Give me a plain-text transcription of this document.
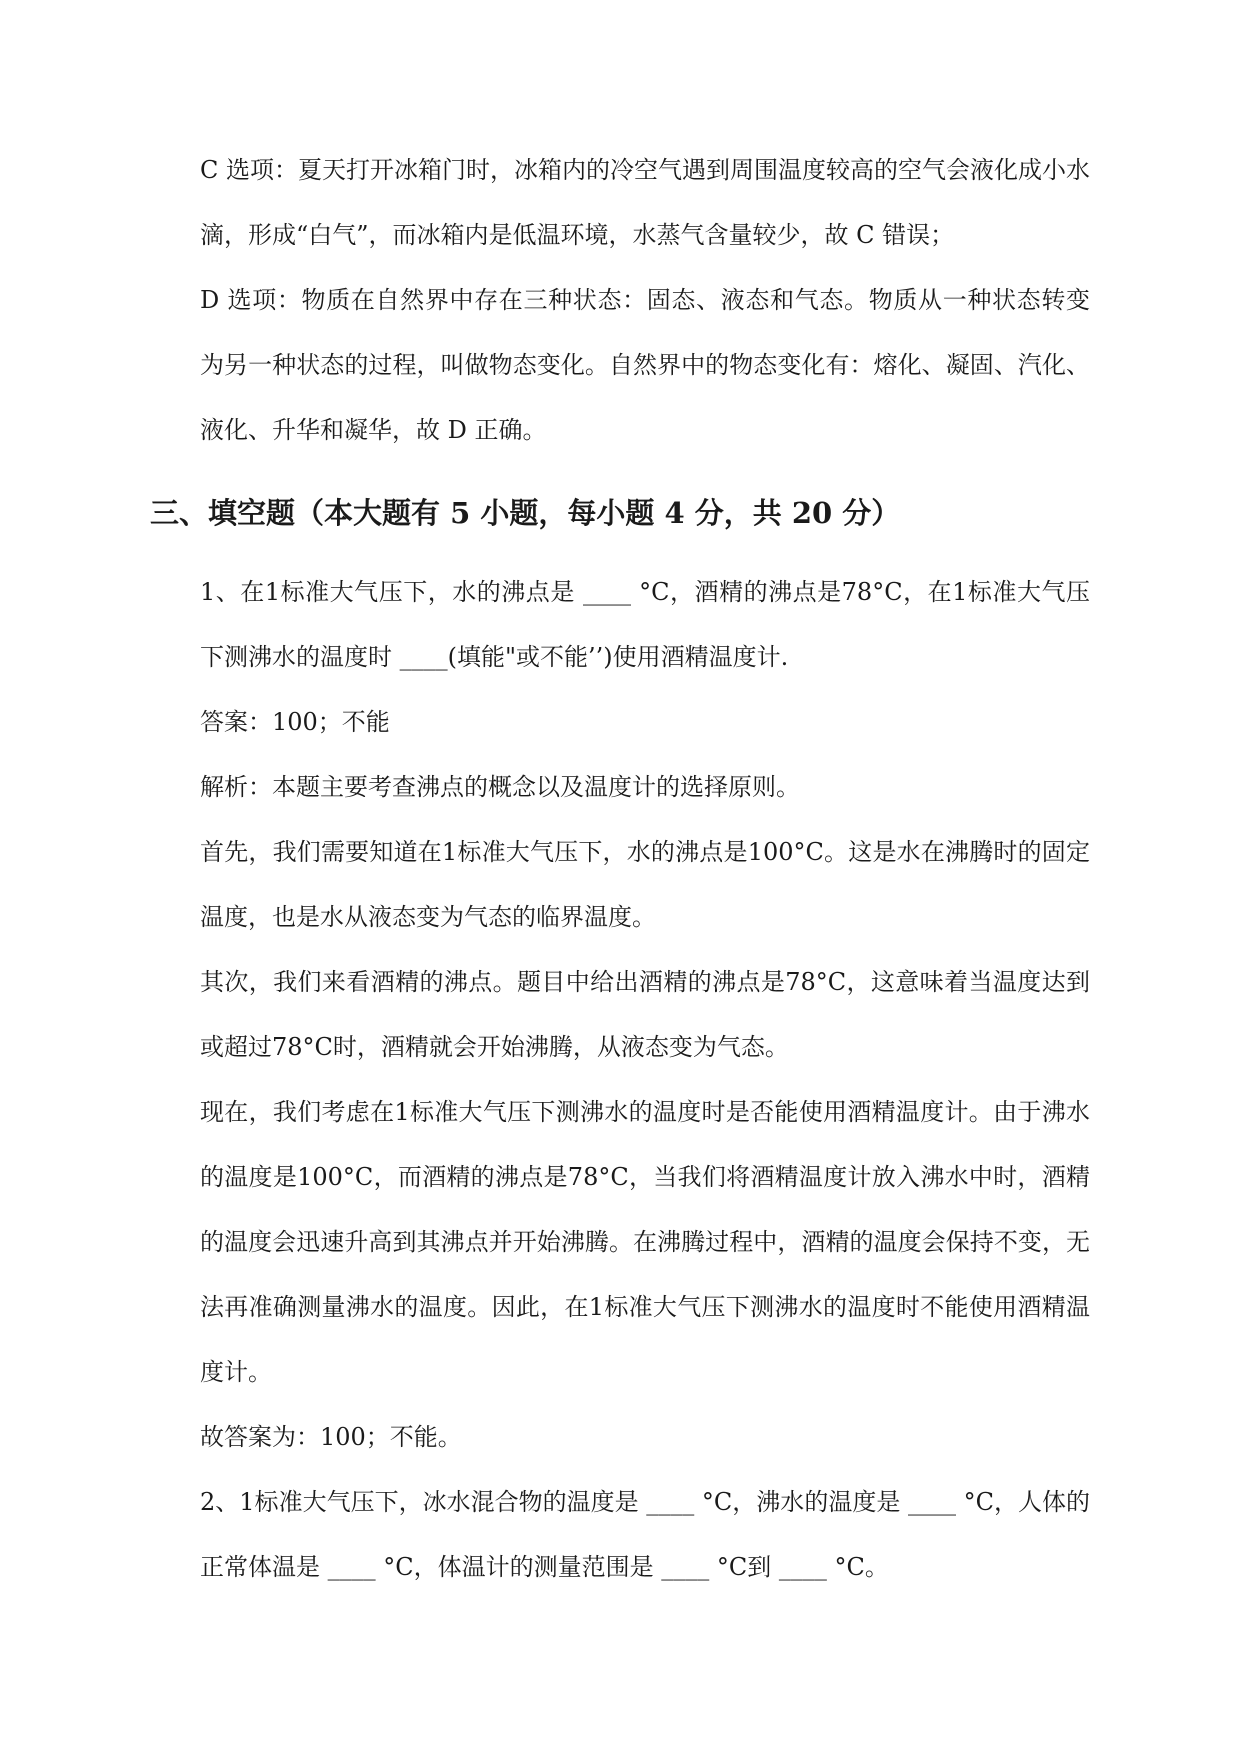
C 选项：夏天打开冰箱门时，冰箱内的冷空气遇到周围温度较高的空气会液化成小水滴，形成“白气”，而冰箱内是低温环境，水蒸气含量较少，故 C 错误；

D 选项：物质在自然界中存在三种状态：固态、液态和气态。物质从一种状态转变为另一种状态的过程，叫做物态变化。自然界中的物态变化有：熔化、凝固、汽化、液化、升华和凝华，故 D 正确。

三、填空题（本大题有 5 小题，每小题 4 分，共 20 分）

1、在1标准大气压下，水的沸点是 ____ °C，酒精的沸点是78°C，在1标准大气压下测沸水的温度时 ____(填能"或不能’’)使用酒精温度计.

答案：100；不能

解析：本题主要考查沸点的概念以及温度计的选择原则。

首先，我们需要知道在1标准大气压下，水的沸点是100°C。这是水在沸腾时的固定温度，也是水从液态变为气态的临界温度。

其次，我们来看酒精的沸点。题目中给出酒精的沸点是78°C，这意味着当温度达到或超过78°C时，酒精就会开始沸腾，从液态变为气态。

现在，我们考虑在1标准大气压下测沸水的温度时是否能使用酒精温度计。由于沸水的温度是100°C，而酒精的沸点是78°C，当我们将酒精温度计放入沸水中时，酒精的温度会迅速升高到其沸点并开始沸腾。在沸腾过程中，酒精的温度会保持不变，无法再准确测量沸水的温度。因此，在1标准大气压下测沸水的温度时不能使用酒精温度计。

故答案为：100；不能。

2、1标准大气压下，冰水混合物的温度是 ____ °C，沸水的温度是 ____ °C，人体的正常体温是 ____ °C，体温计的测量范围是 ____ °C到 ____ °C。
